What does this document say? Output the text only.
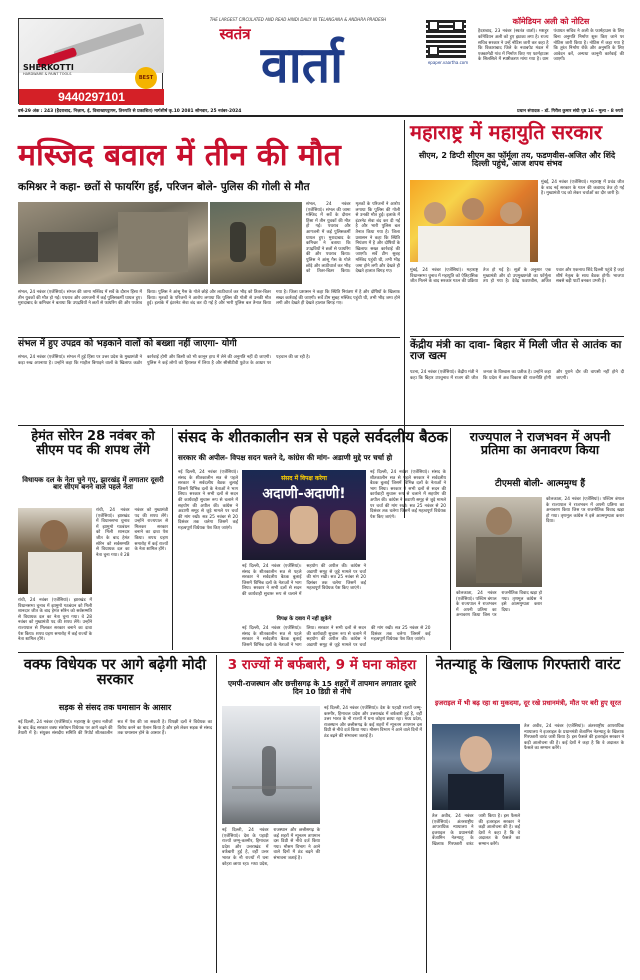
SHERKOTTI
HARDWARE & PAINT TOOLS
BEST
9440297101
THE LARGEST CIRCULATED AND READ HINDI DAILY IN TELANGANA & ANDHRA PRADESH
स्वतंत्र
वार्ता	epaper.vaartha.com
वर्ष-29 अंक : 243 (हैदराबाद, निज़ाम, ई, विशाखापट्टणम, तिरुपति से प्रकाशित) मार्गशीर्ष कृ.10 2081 सोमवार, 25 नवंबर-2024	प्रधान संपादक - डॉ. गिरीश कुमार संघी पृष्ठ 16 - मूल्य - 8 रुपये
कॉमेडियन अली को नोटिस
हैदराबाद, 23 नवंबर (स्वतंत्र वार्ता)। मशहूर कॉमेडियन अली को हुए झटका लगा है। राज्य सचिव सरकार ने उन्हें नोटिस जारी कर कहा है कि विकाराबाद जिले के नवाबपेट मंडल में एक्कामेडी गांव में निर्माण किए गए फार्महाउस के सिलसिले में स्पष्टीकरण मांगा गया है। ग्राम पंचायत सचिव ने अली के फार्महाउस के लिए बिना अनुमति निर्माण शुरू किए जाने पर नोटिस जारी किया है। नोटिस में कहा गया है कि तुरंत निर्माण रोकें और अनुमति के लिए आवेदन करें, अन्यथा कानूनी कार्रवाई की जाएगी।
मस्जिद बवाल में तीन की मौत
कमिश्नर ने कहा- छतों से फायरिंग हुई, परिजन बोले- पुलिस की गोली से मौत
संभल, 24 नवंबर (एजेंसियां)। संभल की जामा मस्जिद में सर्वे के दौरान हिंसा में तीन युवकों की मौत हो गई। पथराव और आगजनी में कई पुलिसकर्मी घायल हुए। मुरादाबाद के कमिश्नर ने बताया कि उपद्रवियों ने छतों से फायरिंग की और पथराव किया। पुलिस ने आंसू गैस के गोले छोड़े और लाठीचार्ज कर भीड़ को तितर-बितर किया। मृतकों के परिजनों ने आरोप लगाया कि पुलिस की गोली से उनकी मौत हुई। इलाके में इंटरनेट सेवा बंद कर दी गई है और भारी पुलिस बल तैनात किया गया है। जिला प्रशासन ने कहा कि स्थिति नियंत्रण में है और दोषियों के खिलाफ सख्त कार्रवाई की जाएगी। सर्वे टीम सुबह मस्जिद पहुंची थी, तभी भीड़ जमा होने लगी और देखते ही देखते हालात बिगड़ गए।
संभल, 24 नवंबर (एजेंसियां)। संभल की जामा मस्जिद में सर्वे के दौरान हिंसा में तीन युवकों की मौत हो गई। पथराव और आगजनी में कई पुलिसकर्मी घायल हुए। मुरादाबाद के कमिश्नर ने बताया कि उपद्रवियों ने छतों से फायरिंग की और पथराव किया। पुलिस ने आंसू गैस के गोले छोड़े और लाठीचार्ज कर भीड़ को तितर-बितर किया। मृतकों के परिजनों ने आरोप लगाया कि पुलिस की गोली से उनकी मौत हुई। इलाके में इंटरनेट सेवा बंद कर दी गई है और भारी पुलिस बल तैनात किया गया है। जिला प्रशासन ने कहा कि स्थिति नियंत्रण में है और दोषियों के खिलाफ सख्त कार्रवाई की जाएगी। सर्वे टीम सुबह मस्जिद पहुंची थी, तभी भीड़ जमा होने लगी और देखते ही देखते हालात बिगड़ गए।
संभल में हुए उपद्रव को भड़काने वालों को बख्शा नहीं जाएगा- योगी
संभल, 24 नवंबर (एजेंसियां)। संभल में हुई हिंसा पर उत्तर प्रदेश के मुख्यमंत्री ने कड़ा रुख अपनाया है। उन्होंने कहा कि माहौल बिगाड़ने वालों के खिलाफ कठोर कार्रवाई होगी और किसी को भी कानून हाथ में लेने की अनुमति नहीं दी जाएगी। पुलिस ने कई लोगों को हिरासत में लिया है और सीसीटीवी फुटेज के आधार पर पहचान की जा रही है।
महाराष्ट्र में महायुति सरकार
सीएम, 2 डिप्टी सीएम का फॉर्मूला तय, फडणवीस-अजित और शिंदे दिल्ली पहुंचे, आज शपथ संभव
मुंबई, 24 नवंबर (एजेंसियां)। महाराष्ट्र में प्रचंड जीत के बाद नई सरकार के गठन की कवायद तेज हो गई है। मुख्यमंत्री पद को लेकर चर्चाओं का दौर जारी है।
मुंबई, 24 नवंबर (एजेंसियां)। महाराष्ट्र विधानसभा चुनाव में महायुति को ऐतिहासिक जीत मिलने के बाद सरकार गठन की प्रक्रिया तेज हो गई है। सूत्रों के अनुसार एक मुख्यमंत्री और दो उपमुख्यमंत्री का फॉर्मूला तय हो गया है। देवेंद्र फडणवीस, अजित पवार और एकनाथ शिंदे दिल्ली पहुंचे हैं जहां शीर्ष नेतृत्व के साथ बैठक होगी। भाजपा सबसे बड़ी पार्टी बनकर उभरी है।
केंद्रीय मंत्री का दावा- बिहार में मिली जीत से आतंक का राज खत्म
पटना, 24 नवंबर (एजेंसियां)। केंद्रीय मंत्री ने कहा कि बिहार उपचुनाव में राजग की जीत जनता के विश्वास का प्रतीक है। उन्होंने कहा कि प्रदेश में अब विकास की राजनीति होगी और पुराने दौर की वापसी नहीं होने दी जाएगी।
हेमंत सोरेन 28 नवंबर को सीएम पद की शपथ लेंगे
विधायक दल के नेता चुने गए, झारखंड में लगातार दूसरी बार सीएम बनने वाले पहले नेता
रांची, 24 नवंबर (एजेंसियां)। झारखंड में विधानसभा चुनाव में झामुमो गठबंधन को मिली शानदार जीत के बाद हेमंत सोरेन को सर्वसम्मति से विधायक दल का नेता चुना गया। वे 28 नवंबर को मुख्यमंत्री पद की शपथ लेंगे। उन्होंने राज्यपाल से मिलकर सरकार बनाने का दावा पेश किया। शपथ ग्रहण समारोह में कई राज्यों के नेता शामिल होंगे।
रांची, 24 नवंबर (एजेंसियां)। झारखंड में विधानसभा चुनाव में झामुमो गठबंधन को मिली शानदार जीत के बाद हेमंत सोरेन को सर्वसम्मति से विधायक दल का नेता चुना गया। वे 28 नवंबर को मुख्यमंत्री पद की शपथ लेंगे। उन्होंने राज्यपाल से मिलकर सरकार बनाने का दावा पेश किया। शपथ ग्रहण समारोह में कई राज्यों के नेता शामिल होंगे।
संसद के शीतकालीन सत्र से पहले सर्वदलीय बैठक
सरकार की अपील- विपक्ष सदन चलने दे, कांग्रेस की मांग- अडाणी मुद्दे पर चर्चा हो
नई दिल्ली, 24 नवंबर (एजेंसियां)। संसद के शीतकालीन सत्र से पहले सरकार ने सर्वदलीय बैठक बुलाई जिसमें विभिन्न दलों के नेताओं ने भाग लिया। सरकार ने सभी दलों से सदन की कार्यवाही सुचारू रूप से चलाने में सहयोग की अपील की। कांग्रेस ने अडाणी समूह से जुड़े मामले पर चर्चा की मांग रखी। सत्र 25 नवंबर से 20 दिसंबर तक चलेगा जिसमें कई महत्वपूर्ण विधेयक पेश किए जाएंगे।
संसद में विपक्ष करेगा
अदाणी-अदाणी!
नई दिल्ली, 24 नवंबर (एजेंसियां)। संसद के शीतकालीन सत्र से पहले सरकार ने सर्वदलीय बैठक बुलाई जिसमें विभिन्न दलों के नेताओं ने भाग लिया। सरकार ने सभी दलों से सदन की कार्यवाही सुचारू रूप से चलाने में सहयोग की अपील की। कांग्रेस ने अडाणी समूह से जुड़े मामले पर चर्चा की मांग रखी। सत्र 25 नवंबर से 20 दिसंबर तक चलेगा जिसमें कई महत्वपूर्ण विधेयक पेश किए जाएंगे।
नई दिल्ली, 24 नवंबर (एजेंसियां)। संसद के शीतकालीन सत्र से पहले सरकार ने सर्वदलीय बैठक बुलाई जिसमें विभिन्न दलों के नेताओं ने भाग लिया। सरकार ने सभी दलों से सदन की कार्यवाही सुचारू रूप से चलाने में सहयोग की अपील की। कांग्रेस ने अडाणी समूह से जुड़े मामले पर चर्चा की मांग रखी। सत्र 25 नवंबर से 20 दिसंबर तक चलेगा जिसमें कई महत्वपूर्ण विधेयक पेश किए जाएंगे।
विपक्ष के दबाव में नहीं झुकेंगे
नई दिल्ली, 24 नवंबर (एजेंसियां)। संसद के शीतकालीन सत्र से पहले सरकार ने सर्वदलीय बैठक बुलाई जिसमें विभिन्न दलों के नेताओं ने भाग लिया। सरकार ने सभी दलों से सदन की कार्यवाही सुचारू रूप से चलाने में सहयोग की अपील की। कांग्रेस ने अडाणी समूह से जुड़े मामले पर चर्चा की मांग रखी। सत्र 25 नवंबर से 20 दिसंबर तक चलेगा जिसमें कई महत्वपूर्ण विधेयक पेश किए जाएंगे।
राज्यपाल ने राजभवन में अपनी प्रतिमा का अनावरण किया
टीएमसी बोली- आत्ममुग्ध हैं
कोलकाता, 24 नवंबर (एजेंसियां)। पश्चिम बंगाल के राज्यपाल ने राजभवन में अपनी प्रतिमा का अनावरण किया जिस पर राजनीतिक विवाद खड़ा हो गया। तृणमूल कांग्रेस ने इसे आत्ममुग्धता करार दिया।
कोलकाता, 24 नवंबर (एजेंसियां)। पश्चिम बंगाल के राज्यपाल ने राजभवन में अपनी प्रतिमा का अनावरण किया जिस पर राजनीतिक विवाद खड़ा हो गया। तृणमूल कांग्रेस ने इसे आत्ममुग्धता करार दिया।
वक्फ विधेयक पर आगे बढ़ेगी मोदी सरकार
सड़क से संसद तक घमासान के आसार
नई दिल्ली, 24 नवंबर (एजेंसियां)। महाराष्ट्र के चुनाव नतीजों के बाद केंद्र सरकार वक्फ संशोधन विधेयक पर आगे बढ़ने की तैयारी में है। संयुक्त संसदीय समिति की रिपोर्ट शीतकालीन सत्र में पेश की जा सकती है। विपक्षी दलों ने विधेयक का विरोध करने का ऐलान किया है और इसे लेकर सड़क से संसद तक घमासान होने के आसार हैं।
3 राज्यों में बर्फबारी, 9 में घना कोहरा
एमपी-राजस्थान और छत्तीसगढ़ के 15 शहरों में तापमान लगातार दूसरे दिन 10 डिग्री से नीचे
नई दिल्ली, 24 नवंबर (एजेंसियां)। देश के पहाड़ी राज्यों जम्मू-कश्मीर, हिमाचल प्रदेश और उत्तराखंड में बर्फबारी हुई है, वहीं उत्तर भारत के नौ राज्यों में घना कोहरा छाया रहा। मध्य प्रदेश, राजस्थान और छत्तीसगढ़ के कई शहरों में न्यूनतम तापमान दस डिग्री से नीचे दर्ज किया गया। मौसम विभाग ने आने वाले दिनों में ठंड बढ़ने की संभावना जताई है।
नई दिल्ली, 24 नवंबर (एजेंसियां)। देश के पहाड़ी राज्यों जम्मू-कश्मीर, हिमाचल प्रदेश और उत्तराखंड में बर्फबारी हुई है, वहीं उत्तर भारत के नौ राज्यों में घना कोहरा छाया रहा। मध्य प्रदेश, राजस्थान और छत्तीसगढ़ के कई शहरों में न्यूनतम तापमान दस डिग्री से नीचे दर्ज किया गया। मौसम विभाग ने आने वाले दिनों में ठंड बढ़ने की संभावना जताई है।
नेतन्याहू के खिलाफ गिरफ्तारी वारंट
इजराइल में भी बढ़ रहा था मुकदमा, दूर रखे प्रधानमंत्री, मौत पर बरी हुए सूरत
तेल अवीव, 24 नवंबर (एजेंसियां)। अंतरराष्ट्रीय आपराधिक न्यायालय ने इजराइल के प्रधानमंत्री बेंजामिन नेतन्याहू के खिलाफ गिरफ्तारी वारंट जारी किया है। इस फैसले की इजराइल सरकार ने कड़ी आलोचना की है। कई देशों ने कहा है कि वे अदालत के फैसले का सम्मान करेंगे।
तेल अवीव, 24 नवंबर (एजेंसियां)। अंतरराष्ट्रीय आपराधिक न्यायालय ने इजराइल के प्रधानमंत्री बेंजामिन नेतन्याहू के खिलाफ गिरफ्तारी वारंट जारी किया है। इस फैसले की इजराइल सरकार ने कड़ी आलोचना की है। कई देशों ने कहा है कि वे अदालत के फैसले का सम्मान करेंगे।
